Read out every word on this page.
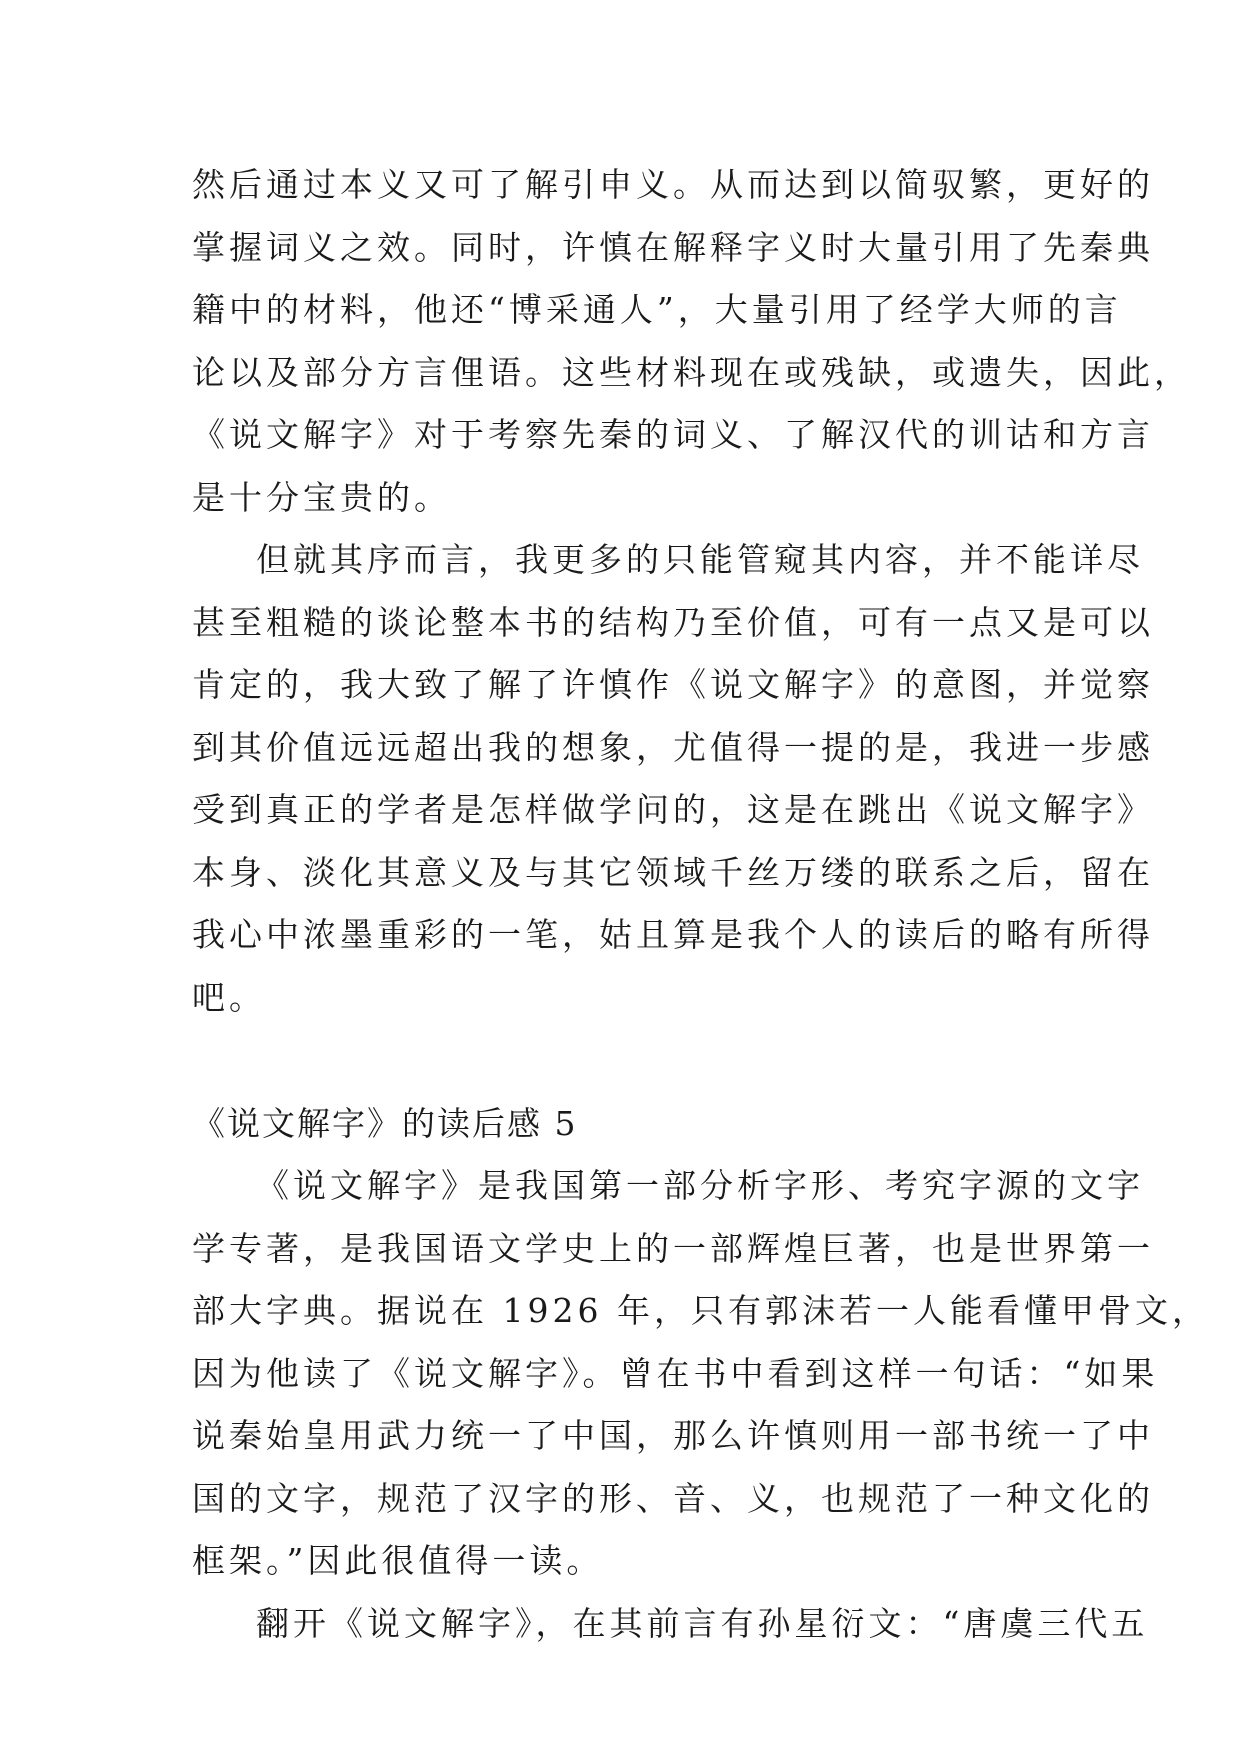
然后通过本义又可了解引申义。从而达到以简驭繁，更好的
掌握词义之效。同时，许慎在解释字义时大量引用了先秦典
籍中的材料，他还“博采通人”，大量引用了经学大师的言
论以及部分方言俚语。这些材料现在或残缺，或遗失，因此，
《说文解字》对于考察先秦的词义、了解汉代的训诂和方言
是十分宝贵的。
但就其序而言，我更多的只能管窥其内容，并不能详尽
甚至粗糙的谈论整本书的结构乃至价值，可有一点又是可以
肯定的，我大致了解了许慎作《说文解字》的意图，并觉察
到其价值远远超出我的想象，尤值得一提的是，我进一步感
受到真正的学者是怎样做学问的，这是在跳出《说文解字》
本身、淡化其意义及与其它领域千丝万缕的联系之后，留在
我心中浓墨重彩的一笔，姑且算是我个人的读后的略有所得
吧。
《说文解字》的读后感 5
《说文解字》是我国第一部分析字形、考究字源的文字
学专著，是我国语文学史上的一部辉煌巨著，也是世界第一
部大字典。据说在 1926 年，只有郭沫若一人能看懂甲骨文，
因为他读了《说文解字》。曾在书中看到这样一句话：“如果
说秦始皇用武力统一了中国，那么许慎则用一部书统一了中
国的文字，规范了汉字的形、音、义，也规范了一种文化的
框架。”因此很值得一读。
翻开《说文解字》，在其前言有孙星衍文：“唐虞三代五
